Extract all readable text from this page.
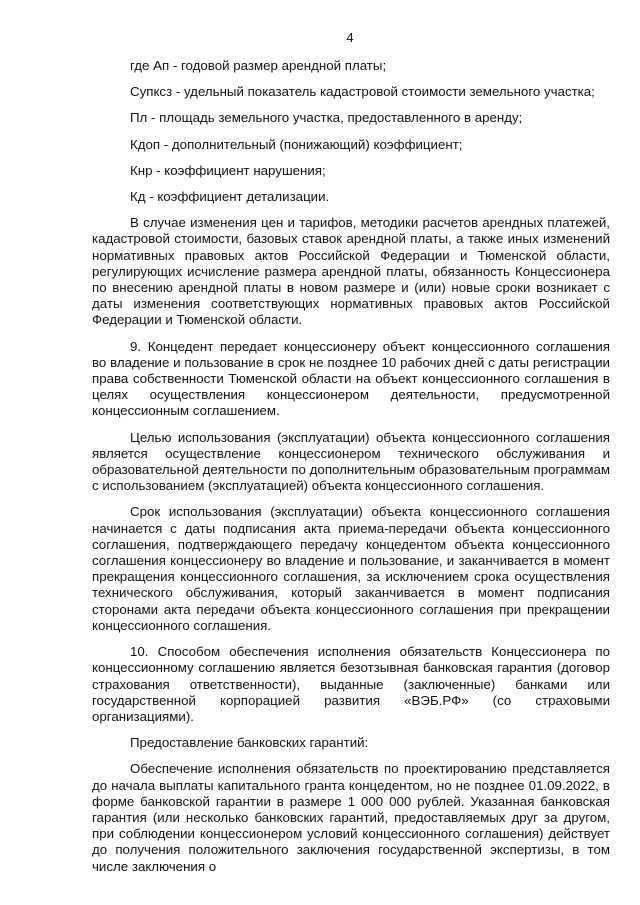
4

где Ап - годовой размер арендной платы;

Супксз - удельный показатель кадастровой стоимости земельного участка;

Пл - площадь земельного участка, предоставленного в аренду;

Кдоп - дополнительный (понижающий) коэффициент;

Кнр - коэффициент нарушения;

Кд - коэффициент детализации.

В случае изменения цен и тарифов, методики расчетов арендных платежей, кадастровой стоимости, базовых ставок арендной платы, а также иных изменений нормативных правовых актов Российской Федерации и Тюменской области, регулирующих исчисление размера арендной платы, обязанность Концессионера по внесению арендной платы в новом размере и (или) новые сроки возникает с даты изменения соответствующих нормативных правовых актов Российской Федерации и Тюменской области.

9. Концедент передает концессионеру объект концессионного соглашения во владение и пользование в срок не позднее 10 рабочих дней с даты регистрации права собственности Тюменской области на объект концессионного соглашения в целях осуществления концессионером деятельности, предусмотренной концессионным соглашением.

Целью использования (эксплуатации) объекта концессионного соглашения является осуществление концессионером технического обслуживания и образовательной деятельности по дополнительным образовательным программам с использованием (эксплуатацией) объекта концессионного соглашения.

Срок использования (эксплуатации) объекта концессионного соглашения начинается с даты подписания акта приема-передачи объекта концессионного соглашения, подтверждающего передачу концедентом объекта концессионного соглашения концессионеру во владение и пользование, и заканчивается в момент прекращения концессионного соглашения, за исключением срока осуществления технического обслуживания, который заканчивается в момент подписания сторонами акта передачи объекта концессионного соглашения при прекращении концессионного соглашения.

10. Способом обеспечения исполнения обязательств Концессионера по концессионному соглашению является безотзывная банковская гарантия (договор страхования ответственности), выданные (заключенные) банками или государственной корпорацией развития «ВЭБ.РФ» (со страховыми организациями).

Предоставление банковских гарантий:

Обеспечение исполнения обязательств по проектированию представляется до начала выплаты капитального гранта концедентом, но не позднее 01.09.2022, в форме банковской гарантии в размере 1 000 000 рублей. Указанная банковская гарантия (или несколько банковских гарантий, предоставляемых друг за другом, при соблюдении концессионером условий концессионного соглашения) действует до получения положительного заключения государственной экспертизы, в том числе заключения о
